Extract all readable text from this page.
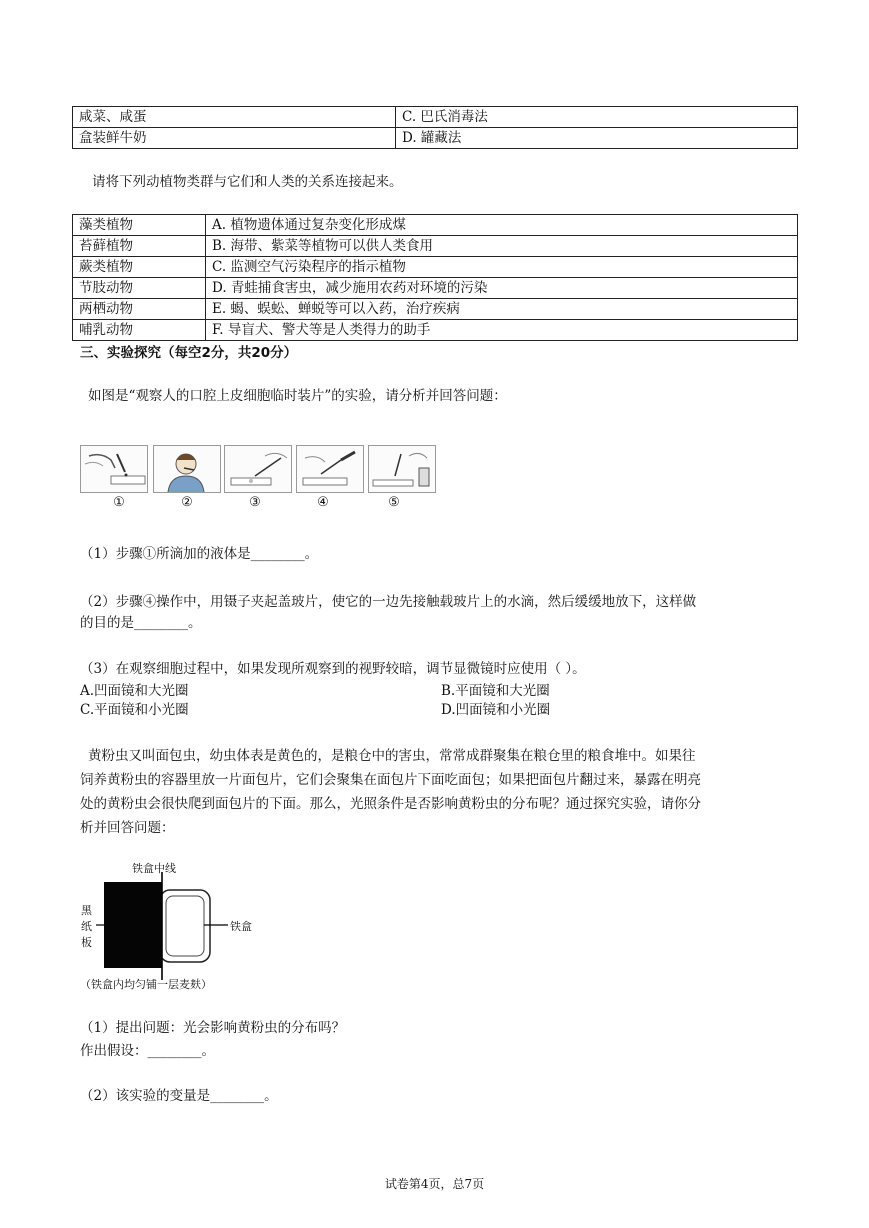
咸菜、咸蛋	C. 巴氏消毒法
盒装鲜牛奶	D. 罐藏法
请将下列动植物类群与它们和人类的关系连接起来。
藻类植物	A. 植物遗体通过复杂变化形成煤
苔藓植物	B. 海带、紫菜等植物可以供人类食用
蕨类植物	C. 监测空气污染程序的指示植物
节肢动物	D. 青蛙捕食害虫，减少施用农药对环境的污染
两栖动物	E. 蝎、蜈蚣、蝉蜕等可以入药，治疗疾病
哺乳动物	F. 导盲犬、警犬等是人类得力的助手
三、实验探究（每空2分，共20分）
如图是“观察人的口腔上皮细胞临时装片”的实验，请分析并回答问题：
①	②	③	④	⑤
（1）步骤①所滴加的液体是________。
（2）步骤④操作中，用镊子夹起盖玻片，使它的一边先接触载玻片上的水滴，然后缓缓地放下，这样做
的目的是________。
（3）在观察细胞过程中，如果发现所观察到的视野较暗，调节显微镜时应使用（ ）。
A.凹面镜和大光圈	B.平面镜和大光圈
C.平面镜和小光圈	D.凹面镜和小光圈
黄粉虫又叫面包虫，幼虫体表是黄色的，是粮仓中的害虫，常常成群聚集在粮仓里的粮食堆中。如果往
饲养黄粉虫的容器里放一片面包片，它们会聚集在面包片下面吃面包；如果把面包片翻过来，暴露在明亮
处的黄粉虫会很快爬到面包片的下面。那么，光照条件是否影响黄粉虫的分布呢？通过探究实验，请你分
析并回答问题：
铁盒中线
黑
纸
板
铁盒
（铁盒内均匀铺一层麦麸）
（1）提出问题：光会影响黄粉虫的分布吗？
作出假设：________。
（2）该实验的变量是________。
试卷第4页，总7页
